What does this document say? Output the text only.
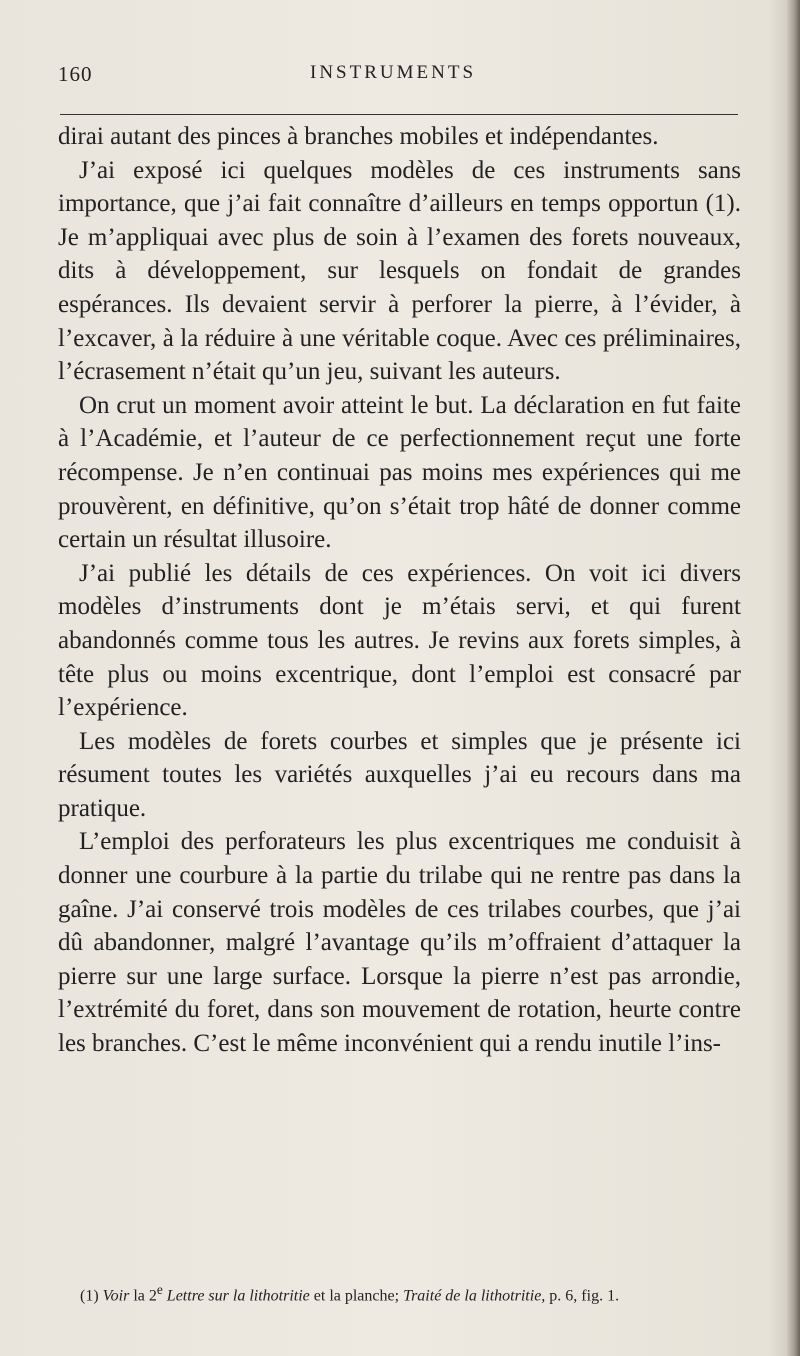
160	INSTRUMENTS

dirai autant des pinces à branches mobiles et indépendantes.

J’ai exposé ici quelques modèles de ces instruments sans importance, que j’ai fait connaître d’ailleurs en temps opportun (1). Je m’appliquai avec plus de soin à l’examen des forets nouveaux, dits à développement, sur lesquels on fondait de grandes espérances. Ils devaient servir à perforer la pierre, à l’évider, à l’excaver, à la réduire à une véritable coque. Avec ces préliminaires, l’écrasement n’était qu’un jeu, suivant les auteurs.

On crut un moment avoir atteint le but. La déclaration en fut faite à l’Académie, et l’auteur de ce perfectionnement reçut une forte récompense. Je n’en continuai pas moins mes expériences qui me prouvèrent, en définitive, qu’on s’était trop hâté de donner comme certain un résultat illusoire.

J’ai publié les détails de ces expériences. On voit ici divers modèles d’instruments dont je m’étais servi, et qui furent abandonnés comme tous les autres. Je revins aux forets simples, à tête plus ou moins excentrique, dont l’emploi est consacré par l’expérience.

Les modèles de forets courbes et simples que je présente ici résument toutes les variétés auxquelles j’ai eu recours dans ma pratique.

L’emploi des perforateurs les plus excentriques me conduisit à donner une courbure à la partie du trilabe qui ne rentre pas dans la gaîne. J’ai conservé trois modèles de ces trilabes courbes, que j’ai dû abandonner, malgré l’avantage qu’ils m’offraient d’attaquer la pierre sur une large surface. Lorsque la pierre n’est pas arrondie, l’extrémité du foret, dans son mouvement de rotation, heurte contre les branches. C’est le même inconvénient qui a rendu inutile l’ins-

(1) Voir la 2e Lettre sur la lithotritie et la planche; Traité de la lithotritie, p. 6, fig. 1.
